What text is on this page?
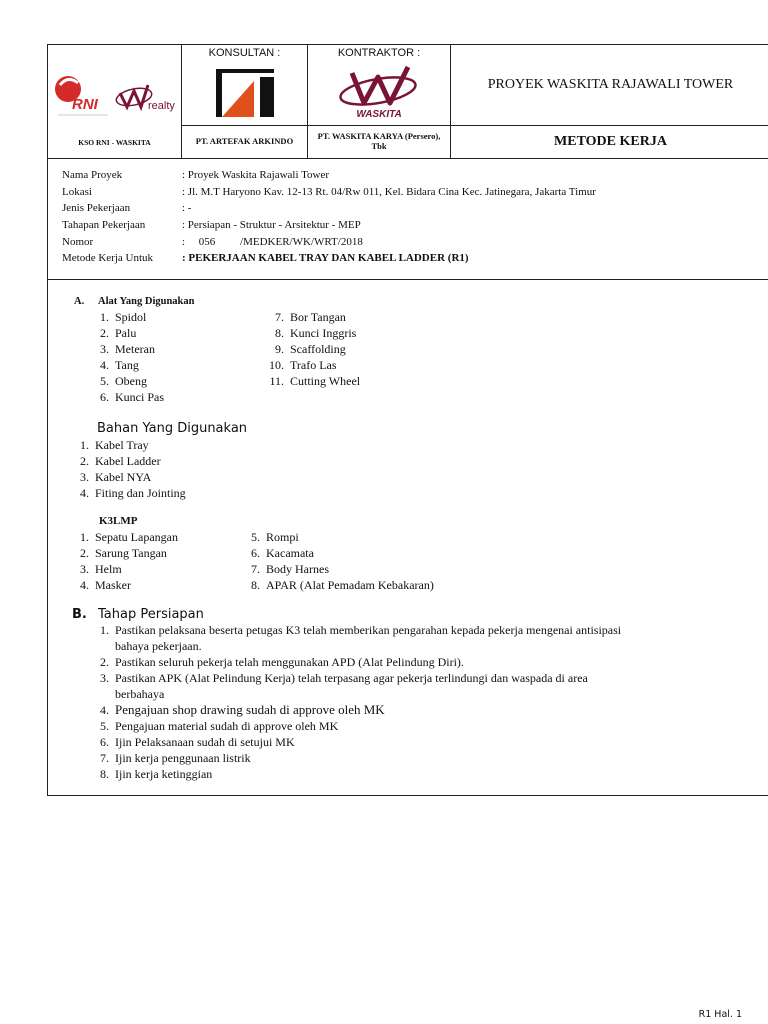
RNI	realty
KSO RNI - WASKITA
KONSULTAN :
PT. ARTEFAK ARKINDO
KONTRAKTOR :
WASKITA
PT. WASKITA KARYA (Persero), Tbk
PROYEK WASKITA RAJAWALI TOWER
METODE KERJA
Nama Proyek	: Proyek Waskita Rajawali Tower
Lokasi	: Jl. M.T Haryono Kav. 12-13 Rt. 04/Rw 011, Kel. Bidara Cina Kec. Jatinegara, Jakarta Timur
Jenis Pekerjaan	: -
Tahapan Pekerjaan	: Persiapan - Struktur - Arsitektur - MEP
Nomor	:     056         /MEDKER/WK/WRT/2018
Metode Kerja Untuk	: PEKERJAAN KABEL TRAY DAN KABEL LADDER (R1)
A.	Alat Yang Digunakan
1. Spidol
2. Palu
3. Meteran
4. Tang
5. Obeng
6. Kunci Pas
7. Bor Tangan
8. Kunci Inggris
9. Scaffolding
10. Trafo Las
11. Cutting Wheel
Bahan Yang Digunakan
1. Kabel Tray
2. Kabel Ladder
3. Kabel NYA
4. Fiting dan Jointing
K3LMP
1. Sepatu Lapangan
2. Sarung Tangan
3. Helm
4. Masker
5. Rompi
6. Kacamata
7. Body Harnes
8. APAR (Alat Pemadam Kebakaran)
B. Tahap Persiapan
1. Pastikan pelaksana beserta petugas K3 telah memberikan pengarahan kepada pekerja mengenai antisipasi bahaya pekerjaan.
2. Pastikan seluruh pekerja telah menggunakan APD (Alat Pelindung Diri).
3. Pastikan APK (Alat Pelindung Kerja) telah terpasang agar pekerja terlindungi dan waspada di area berbahaya
4. Pengajuan shop drawing sudah di approve oleh MK
5. Pengajuan material sudah di approve oleh MK
6. Ijin Pelaksanaan sudah di setujui MK
7. Ijin kerja penggunaan listrik
8. Ijin kerja ketinggian
R1 Hal. 1
